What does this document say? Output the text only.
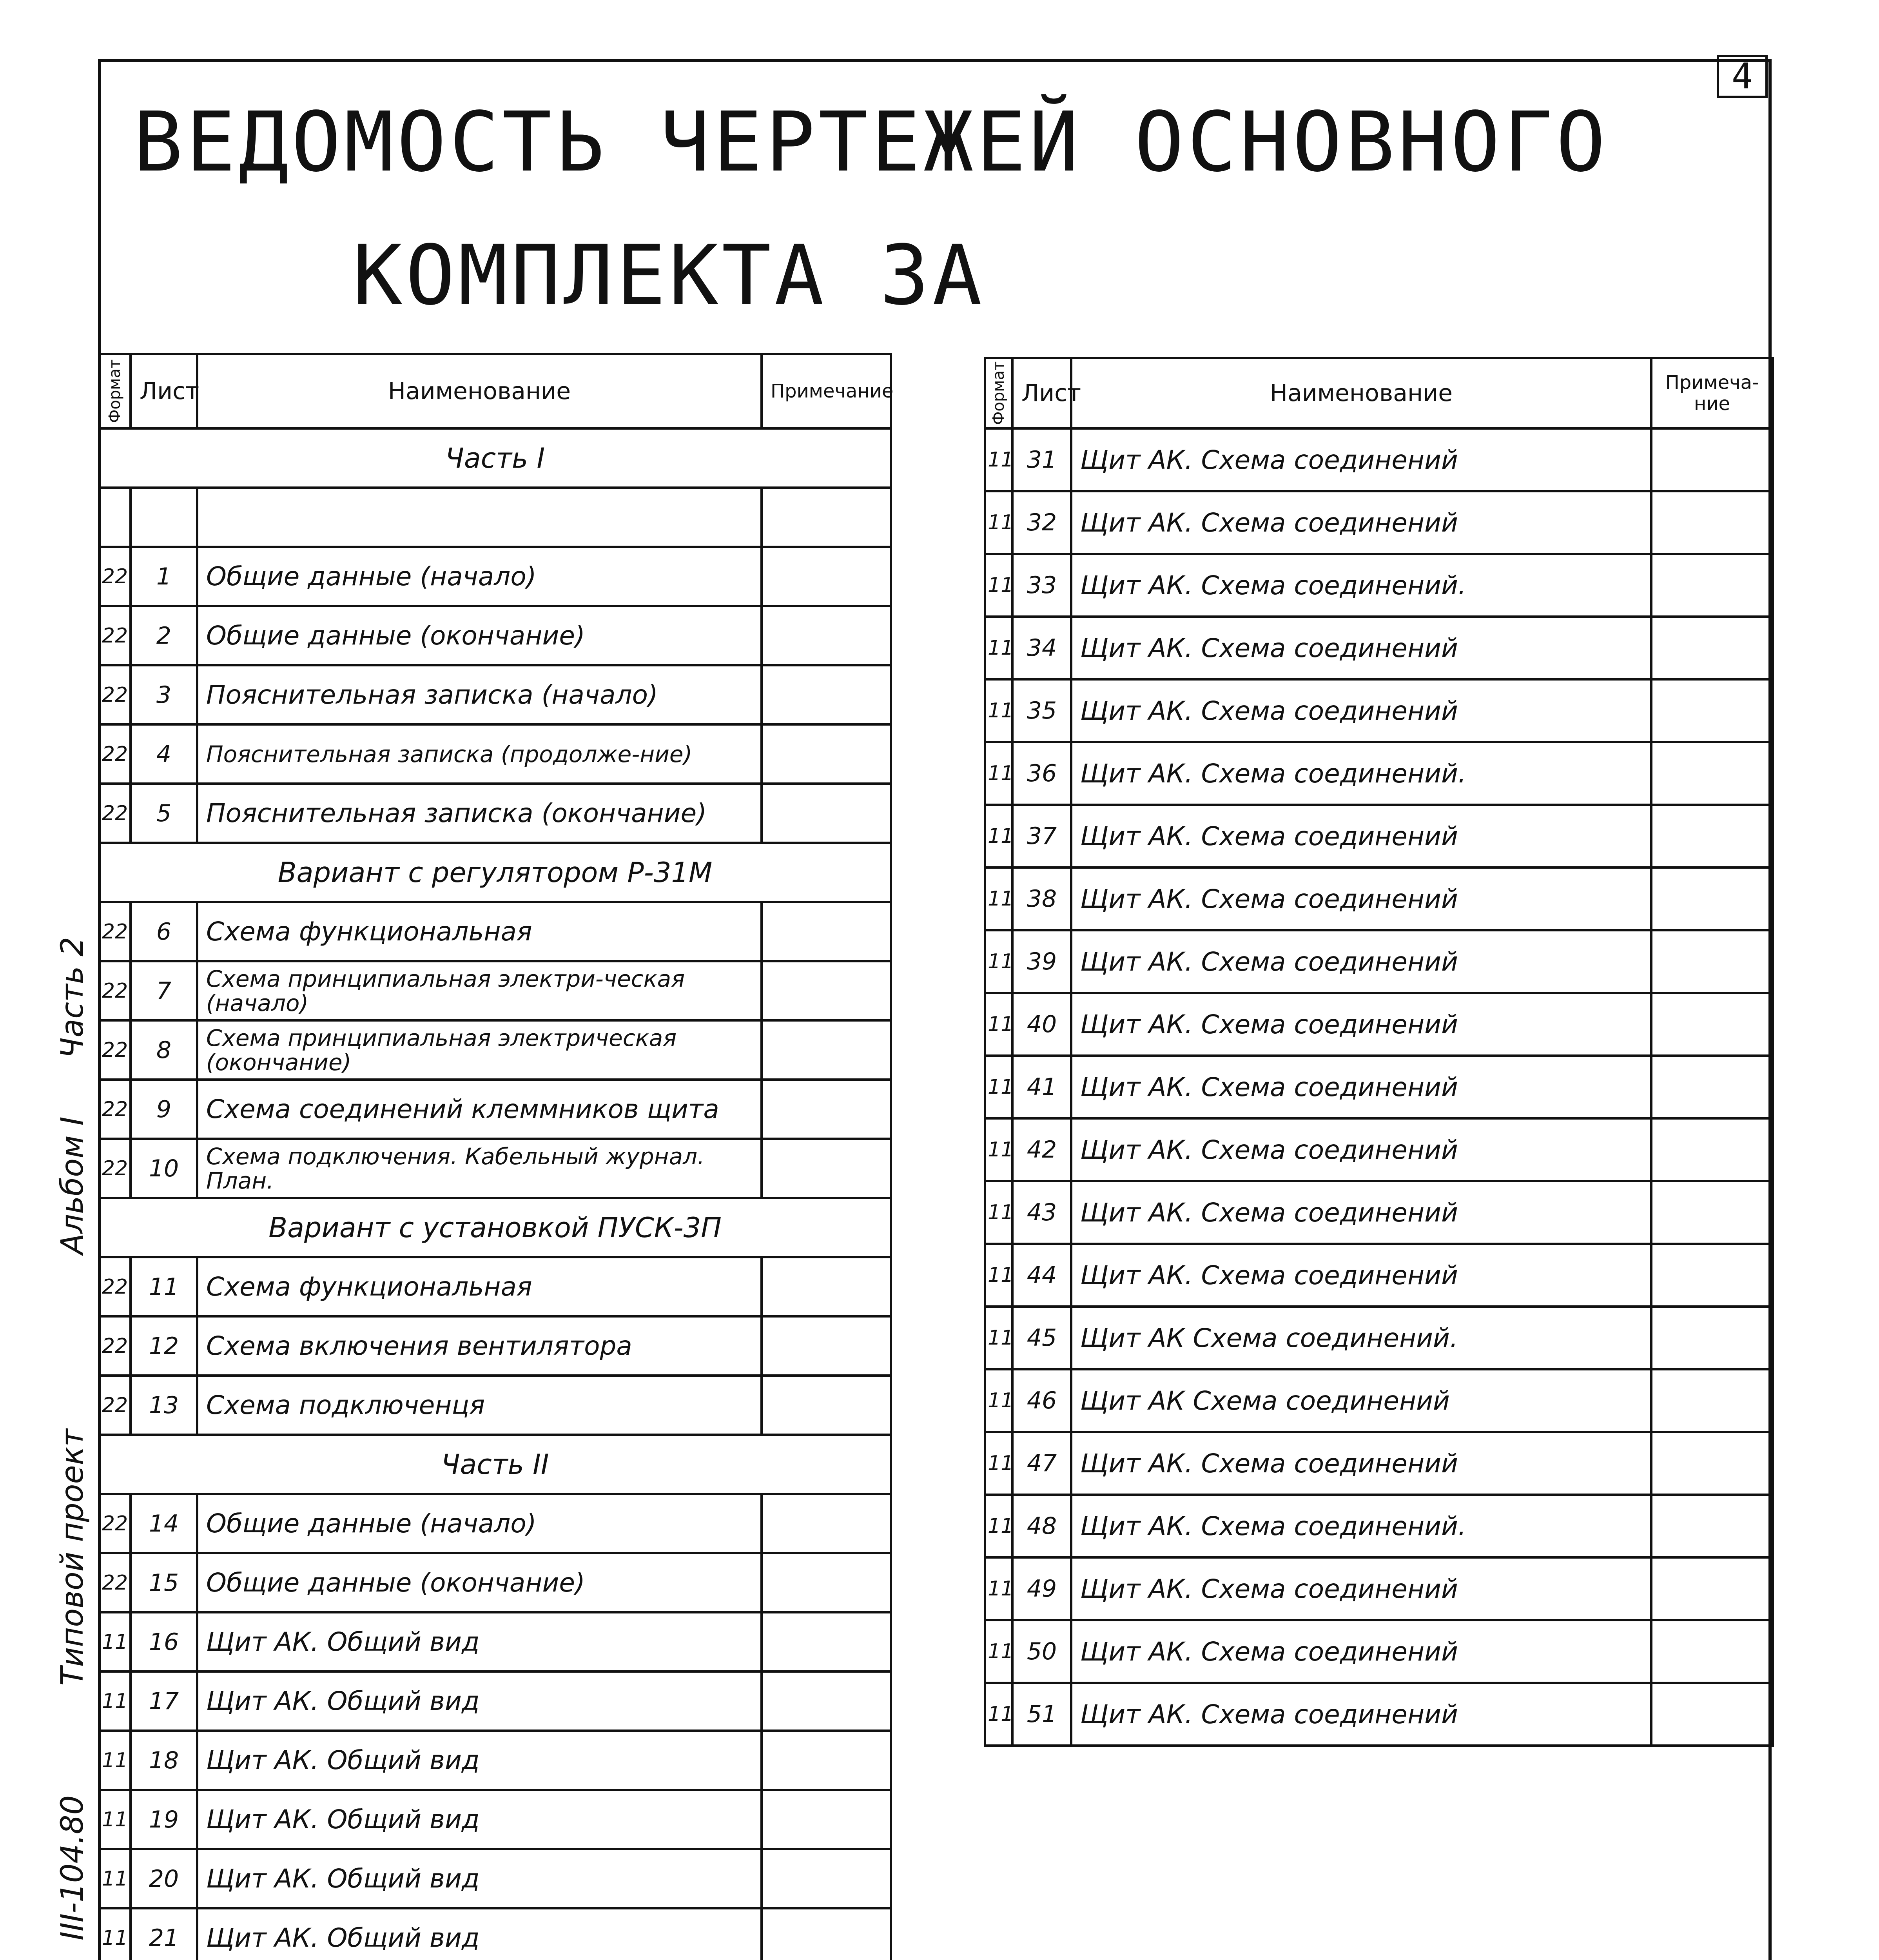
4
ВЕДОМОСТЬ ЧЕРТЕЖЕЙ ОСНОВНОГО
КОМПЛЕКТА ЗА
Формат	Лист	Наименование	Примечание
Часть I			

22	1	Общие данные (начало)	
22	2	Общие данные (окончание)	
22	3	Пояснительная записка (начало)	
22	4	Пояснительная записка (продолже-ние)	
22	5	Пояснительная записка (окончание)	
Вариант с регулятором Р-31М			
22	6	Схема функциональная	
22	7	Схема принципиальная электри-ческая (начало)	
22	8	Схема принципиальная электрическая (окончание)	
22	9	Схема соединений клеммников щита	
22	10	Схема подключения. Кабельный журнал. План.	
Вариант с установкой ПУСК-3П			
22	11	Схема функциональная	
22	12	Схема включения вентилятора	
22	13	Схема подключенця	
Часть II			
22	14	Общие данные (начало)	
22	15	Общие данные (окончание)	
11	16	Щит АК. Общий вид	
11	17	Щит АК. Общий вид	
11	18	Щит АК. Общий вид	
11	19	Щит АК. Общий вид	
11	20	Щит АК. Общий вид	
11	21	Щит АК. Общий вид	

Формат	Лист	Наименование	Примеча-ние
11	31	Щит АК. Схема соединений	
11	32	Щит АК. Схема соединений	
11	33	Щит АК. Схема соединений.	
11	34	Щит АК. Схема соединений	
11	35	Щит АК. Схема соединений	
11	36	Щит АК. Схема соединений.	
11	37	Щит АК. Схема соединений	
11	38	Щит АК. Схема соединений	
11	39	Щит АК. Схема соединений	
11	40	Щит АК. Схема соединений	
11	41	Щит АК. Схема соединений	
11	42	Щит АК. Схема соединений	
11	43	Щит АК. Схема соединений	
11	44	Щит АК. Схема соединений	
11	45	Щит АК Схема соединений.	
11	46	Щит АК Схема соединений	
11	47	Щит АК. Схема соединений	
11	48	Щит АК. Схема соединений.	
11	49	Щит АК. Схема соединений	
11	50	Щит АК. Схема соединений	
11	51	Щит АК. Схема соединений	
Часть 2
Альбом I
Типовой проект
III-104.80
